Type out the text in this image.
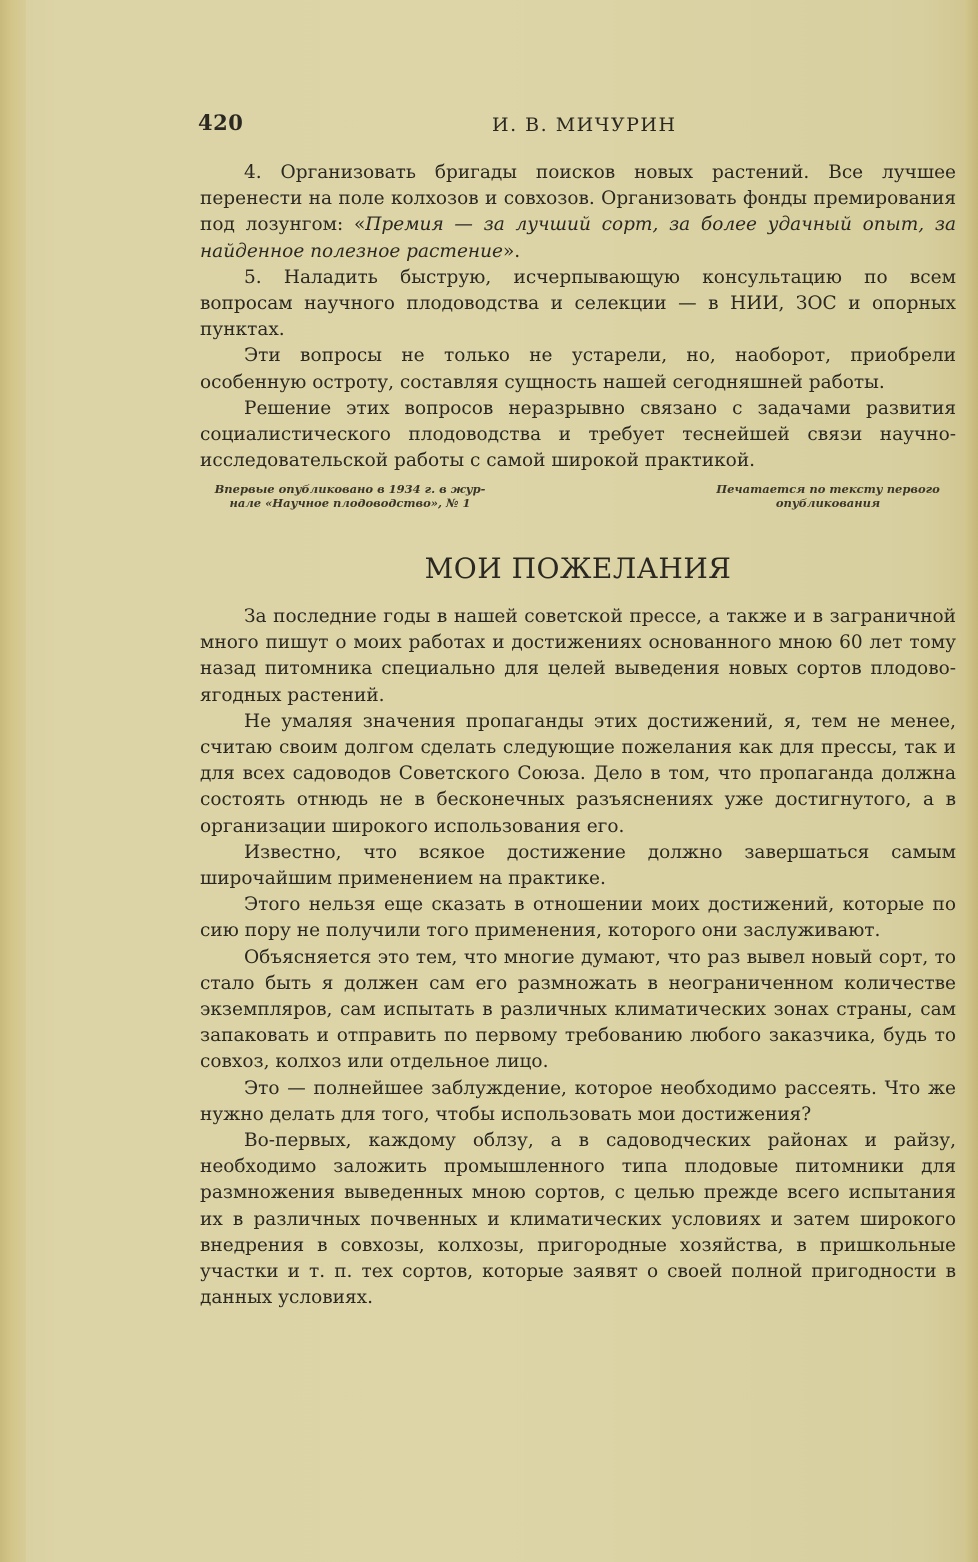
420	И. В. МИЧУРИН

4. Организовать бригады поисков новых растений. Все лучшее перенести на поле колхозов и совхозов. Организовать фонды премирования под лозунгом: «Премия — за лучший сорт, за более удачный опыт, за найденное полезное растение».

5. Наладить быструю, исчерпывающую консультацию по всем вопросам научного плодоводства и селекции — в НИИ, ЗОС и опорных пунктах.

Эти вопросы не только не устарели, но, наоборот, приобрели особенную остроту, составляя сущность нашей сегодняшней работы.

Решение этих вопросов неразрывно связано с задачами развития социалистического плодоводства и требует теснейшей связи научно-исследовательской работы с самой широкой практикой.

Впервые опубликовано в 1934 г. в жур-
нале «Научное плодоводство», № 1
Печатается по тексту первого
опубликования
МОИ ПОЖЕЛАНИЯ

За последние годы в нашей советской прессе, а также и в заграничной много пишут о моих работах и достижениях основанного мною 60 лет тому назад питомника специально для целей выведения новых сортов плодово-ягодных растений.

Не умаляя значения пропаганды этих достижений, я, тем не менее, считаю своим долгом сделать следующие пожелания как для прессы, так и для всех садоводов Советского Союза. Дело в том, что пропаганда должна состоять отнюдь не в бесконечных разъяснениях уже достигнутого, а в организации широкого использования его.

Известно, что всякое достижение должно завершаться самым широчайшим применением на практике.

Этого нельзя еще сказать в отношении моих достижений, которые по сию пору не получили того применения, которого они заслуживают.

Объясняется это тем, что многие думают, что раз вывел новый сорт, то стало быть я должен сам его размножать в неограниченном количестве экземпляров, сам испытать в различных климатических зонах страны, сам запаковать и отправить по первому требованию любого заказчика, будь то совхоз, колхоз или отдельное лицо.

Это — полнейшее заблуждение, которое необходимо рассеять. Что же нужно делать для того, чтобы использовать мои достижения?

Во-первых, каждому облзу, а в садоводческих районах и райзу, необходимо заложить промышленного типа плодовые питомники для размножения выведенных мною сортов, с целью прежде всего испытания их в различных почвенных и климатических условиях и затем широкого внедрения в совхозы, колхозы, пригородные хозяйства, в пришкольные участки и т. п. тех сортов, которые заявят о своей полной пригодности в данных условиях.
